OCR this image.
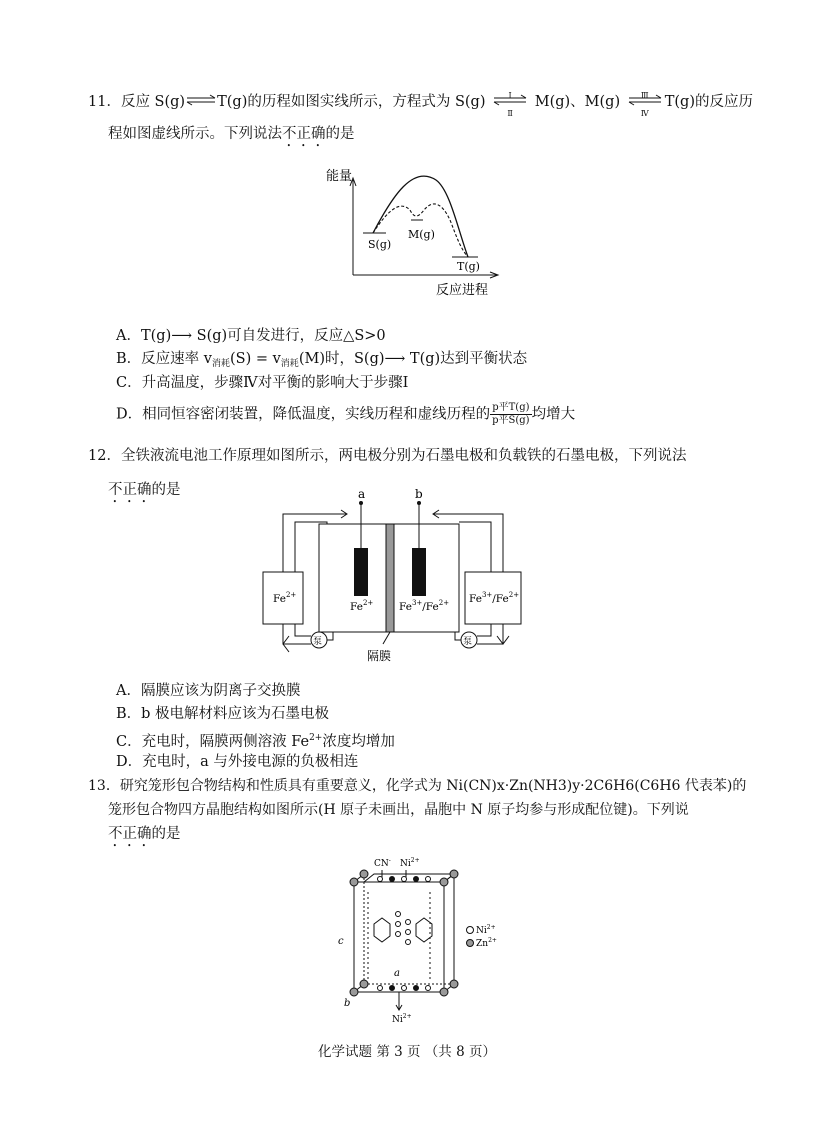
11．反应 S(g)⇌T(g)的历程如图实线所示，方程式为 S(g)	Ⅰ
Ⅱ
M(g)、M(g)	Ⅲ
Ⅳ
T(g)的反应历
程如图虚线所示。下列说法不正确的是
能量
S(g)
M(g)
T(g)
反应进程
A．T(g)⟶ S(g)可自发进行，反应△S>0
B．反应速率 $v_{消耗}(S) = v_{消耗}(M)$时，S(g)⟶ T(g)达到平衡状态
C．升高温度，步骤Ⅳ对平衡的影响大于步骤Ⅰ
D．相同恒容密闭装置，降低温度，实线历程和虚线历程的 $\frac{\text{p平T(g)}}{\text{p平S(g)}}$ 均增大
12．全铁液流电池工作原理如图所示，两电极分别为石墨电极和负载铁的石墨电极，下列说法
不正确的是	a	b
$Fe^{2+}$ $Fe^{3+}/Fe^{2+}$
$Fe^{2+}$	$Fe^{3+}/Fe^{2+}$
泵	泵
隔膜
A．隔膜应该为阴离子交换膜
B．b 极电解材料应该为石墨电极
C．充电时，隔膜两侧溶液 $Fe^{2+}$浓度均增加
D．充电时，a 与外接电源的负极相连
13．研究笼形包合物结构和性质具有重要意义，化学式为 Ni(CN)x·Zn(NH3)y·2C6H6(C6H6 代表苯)的
笼形包合物四方晶胞结构如图所示(H 原子未画出，晶胞中 N 原子均参与形成配位键)。下列说
不正确的是
CN- $Ni^{2+}$
a
b
c
$Ni^{2+}$
$Ni^{2+}$
$Zn^{2+}$
化学试题 第 3 页 （共 8 页）
